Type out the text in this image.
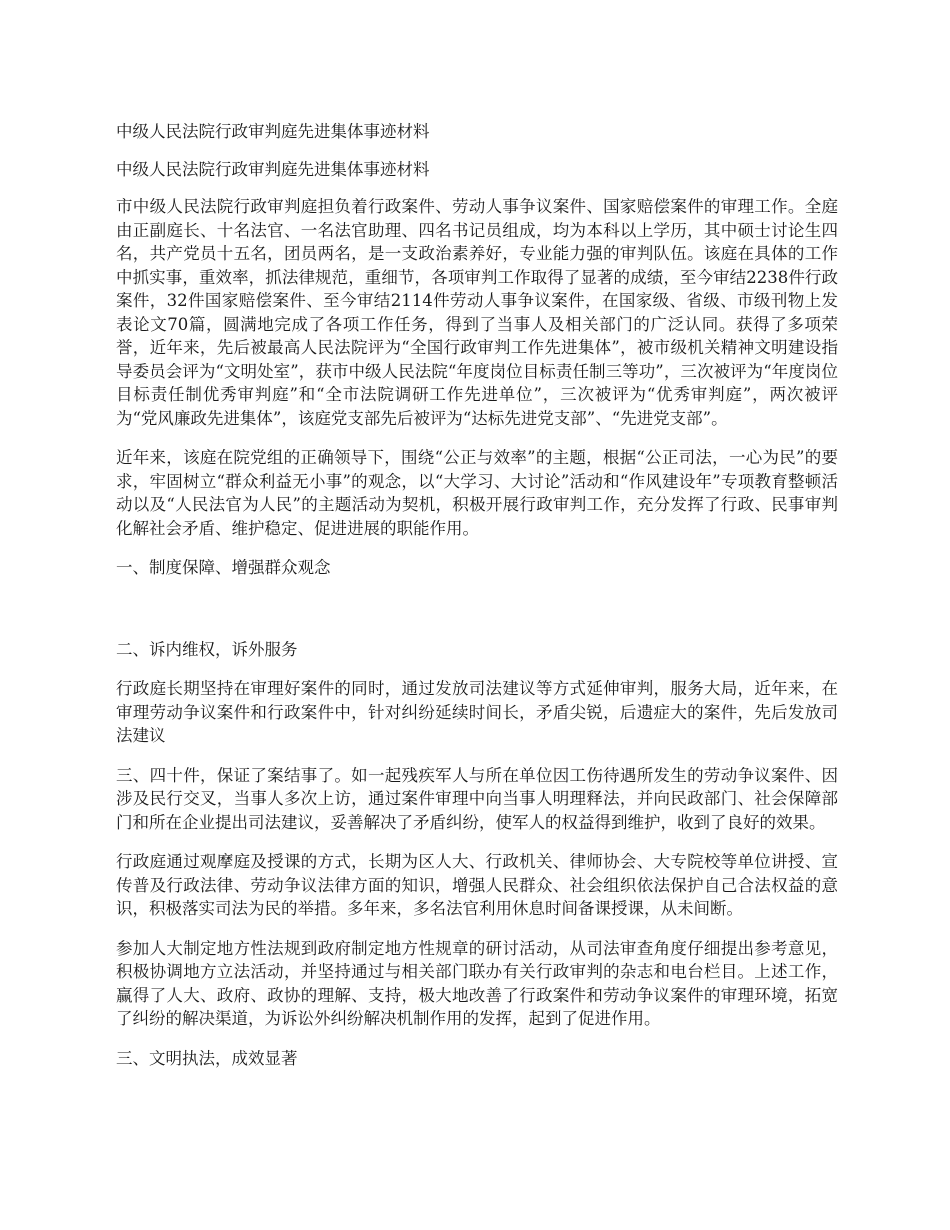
中级人民法院行政审判庭先进集体事迹材料

中级人民法院行政审判庭先进集体事迹材料

市中级人民法院行政审判庭担负着行政案件、劳动人事争议案件、国家赔偿案件的审理工作。全庭由正副庭长、十名法官、一名法官助理、四名书记员组成，均为本科以上学历，其中硕士讨论生四名，共产党员十五名，团员两名，是一支政治素养好，专业能力强的审判队伍。该庭在具体的工作中抓实事，重效率，抓法律规范，重细节，各项审判工作取得了显著的成绩，至今审结2238件行政案件，32件国家赔偿案件、至今审结2114件劳动人事争议案件，在国家级、省级、市级刊物上发表论文70篇，圆满地完成了各项工作任务，得到了当事人及相关部门的广泛认同。获得了多项荣誉，近年来，先后被最高人民法院评为“全国行政审判工作先进集体”，被市级机关精神文明建设指导委员会评为“文明处室”，获市中级人民法院“年度岗位目标责任制三等功”，三次被评为“年度岗位目标责任制优秀审判庭”和“全市法院调研工作先进单位”，三次被评为“优秀审判庭”，两次被评为“党风廉政先进集体”，该庭党支部先后被评为“达标先进党支部”、“先进党支部”。

近年来，该庭在院党组的正确领导下，围绕“公正与效率”的主题，根据“公正司法，一心为民”的要求，牢固树立“群众利益无小事”的观念，以“大学习、大讨论”活动和“作风建设年”专项教育整顿活动以及“人民法官为人民”的主题活动为契机，积极开展行政审判工作，充分发挥了行政、民事审判化解社会矛盾、维护稳定、促进进展的职能作用。

一、制度保障、增强群众观念

二、诉内维权，诉外服务

行政庭长期坚持在审理好案件的同时，通过发放司法建议等方式延伸审判，服务大局，近年来，在审理劳动争议案件和行政案件中，针对纠纷延续时间长，矛盾尖锐，后遗症大的案件，先后发放司法建议

三、四十件，保证了案结事了。如一起残疾军人与所在单位因工伤待遇所发生的劳动争议案件、因涉及民行交叉，当事人多次上访，通过案件审理中向当事人明理释法，并向民政部门、社会保障部门和所在企业提出司法建议，妥善解决了矛盾纠纷，使军人的权益得到维护，收到了良好的效果。

行政庭通过观摩庭及授课的方式，长期为区人大、行政机关、律师协会、大专院校等单位讲授、宣传普及行政法律、劳动争议法律方面的知识，增强人民群众、社会组织依法保护自己合法权益的意识，积极落实司法为民的举措。多年来，多名法官利用休息时间备课授课，从未间断。

参加人大制定地方性法规到政府制定地方性规章的研讨活动，从司法审查角度仔细提出参考意见，积极协调地方立法活动，并坚持通过与相关部门联办有关行政审判的杂志和电台栏目。上述工作，赢得了人大、政府、政协的理解、支持，极大地改善了行政案件和劳动争议案件的审理环境，拓宽了纠纷的解决渠道，为诉讼外纠纷解决机制作用的发挥，起到了促进作用。

三、文明执法，成效显著
